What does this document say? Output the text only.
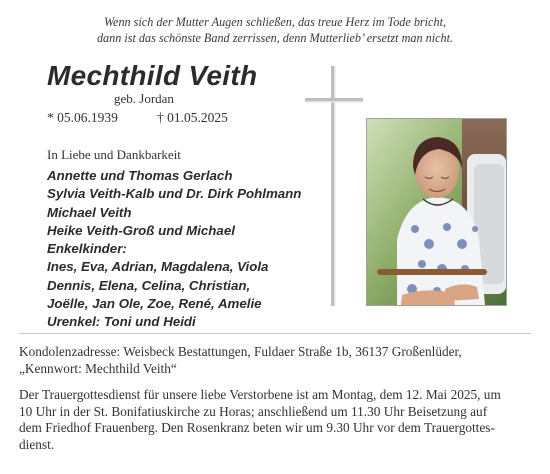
Wenn sich der Mutter Augen schließen, das treue Herz im Tode bricht,
dann ist das schönste Band zerrissen, denn Mutterlieb’ ersetzt man nicht.
Mechthild Veith
geb. Jordan
* 05.06.1939	† 01.05.2025
In Liebe und Dankbarkeit
Annette und Thomas Gerlach
Sylvia Veith-Kalb und Dr. Dirk Pohlmann
Michael Veith
Heike Veith-Groß und Michael
Enkelkinder:
Ines, Eva, Adrian, Magdalena, Viola
Dennis, Elena, Celina, Christian,
Joëlle, Jan Ole, Zoe, René, Amelie
Urenkel: Toni und Heidi
Kondolenzadresse: Weisbeck Bestattungen, Fuldaer Straße 1b, 36137 Großenlüder,
„Kennwort: Mechthild Veith“
Der Trauergottesdienst für unsere liebe Verstorbene ist am Montag, dem 12. Mai 2025, um
10 Uhr in der St. Bonifatiuskirche zu Horas; anschließend um 11.30 Uhr Beisetzung auf
dem Friedhof Frauenberg. Den Rosenkranz beten wir um 9.30 Uhr vor dem Trauergottes-
dienst.
